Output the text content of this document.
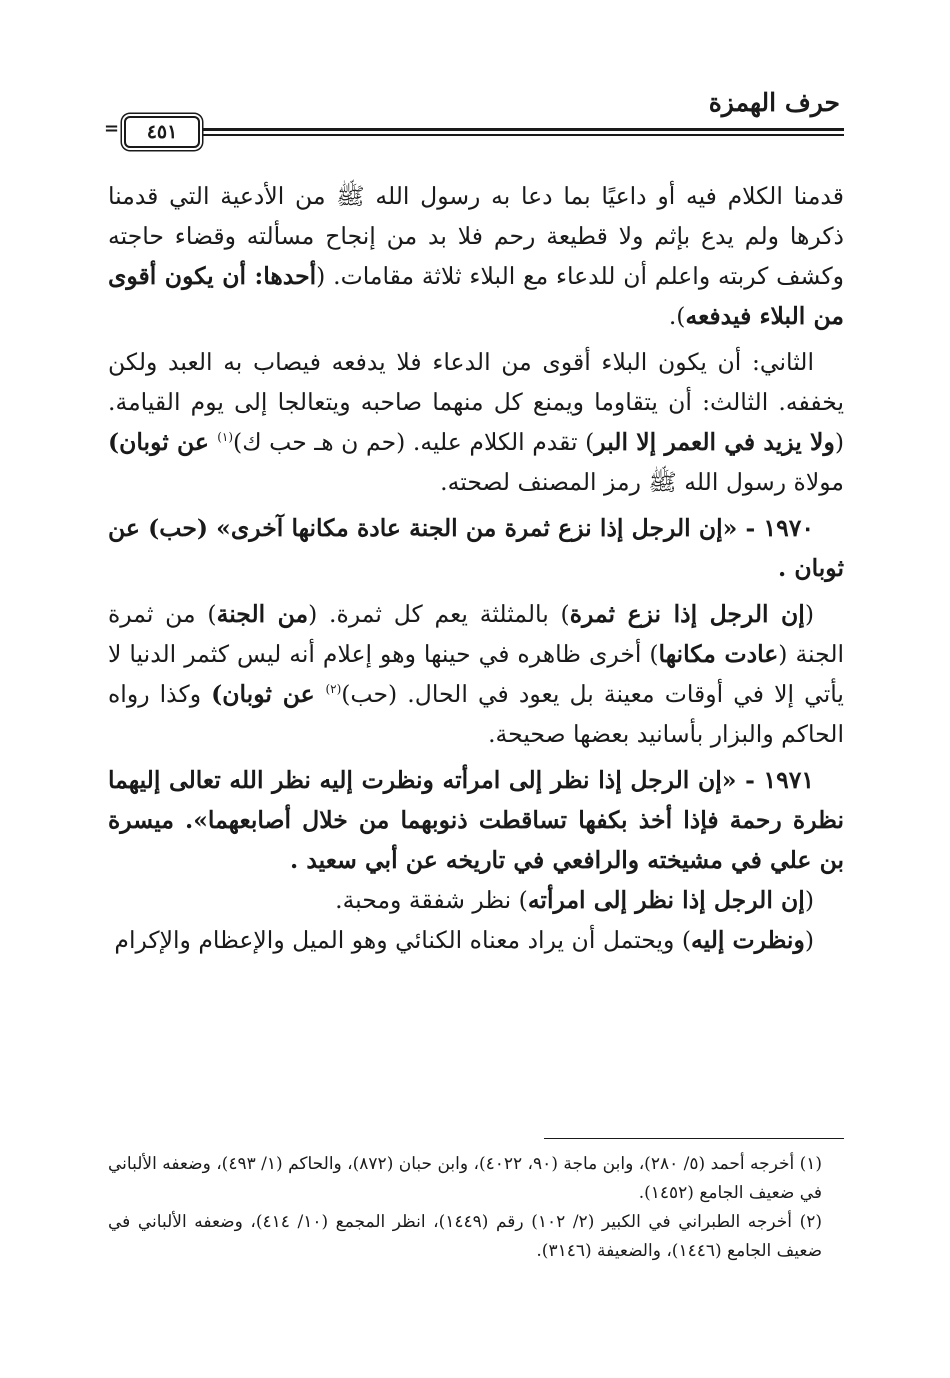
حرف الهمزة
٤٥١
=

قدمنا الكلام فيه أو داعيًا بما دعا به رسول الله ﷺ من الأدعية التي قدمنا ذكرها ولم يدع بإثم ولا قطيعة رحم فلا بد من إنجاح مسألته وقضاء حاجته وكشف كربته واعلم أن للدعاء مع البلاء ثلاثة مقامات. (أحدها: أن يكون أقوى من البلاء فيدفعه).

الثاني: أن يكون البلاء أقوى من الدعاء فلا يدفعه فيصاب به العبد ولكن يخففه. الثالث: أن يتقاوما ويمنع كل منهما صاحبه ويتعالجا إلى يوم القيامة. (ولا يزيد في العمر إلا البر) تقدم الكلام عليه. (حم ن هـ حب ك)$^{(١)}$ عن ثوبان) مولاة رسول الله ﷺ رمز المصنف لصحته.

١٩٧٠ - «إن الرجل إذا نزع ثمرة من الجنة عادة مكانها آخرى» (حب) عن ثوبان .

(إن الرجل إذا نزع ثمرة) بالمثلثة يعم كل ثمرة. (من الجنة) من ثمرة الجنة (عادت مكانها) أخرى ظاهره في حينها وهو إعلام أنه ليس كثمر الدنيا لا يأتي إلا في أوقات معينة بل يعود في الحال. (حب)$^{(٢)}$ عن ثوبان) وكذا رواه الحاكم والبزار بأسانيد بعضها صحيحة.

١٩٧١ - «إن الرجل إذا نظر إلى امرأته ونظرت إليه نظر الله تعالى إليهما نظرة رحمة فإذا أخذ بكفها تساقطت ذنوبهما من خلال أصابعهما». ميسرة بن علي في مشيخته والرافعي في تاريخه عن أبي سعيد .

(إن الرجل إذا نظر إلى امرأته) نظر شفقة ومحبة.

(ونظرت إليه) ويحتمل أن يراد معناه الكنائي وهو الميل والإعظام والإكرام

(١) أخرجه أحمد (٥/ ٢٨٠)، وابن ماجة (٩٠، ٤٠٢٢)، وابن حبان (٨٧٢)، والحاكم (١/ ٤٩٣)، وضعفه الألباني في ضعيف الجامع (١٤٥٢).

(٢) أخرجه الطبراني في الكبير (٢/ ١٠٢) رقم (١٤٤٩)، انظر المجمع (١٠/ ٤١٤)، وضعفه الألباني في ضعيف الجامع (١٤٤٦)، والضعيفة (٣١٤٦).
